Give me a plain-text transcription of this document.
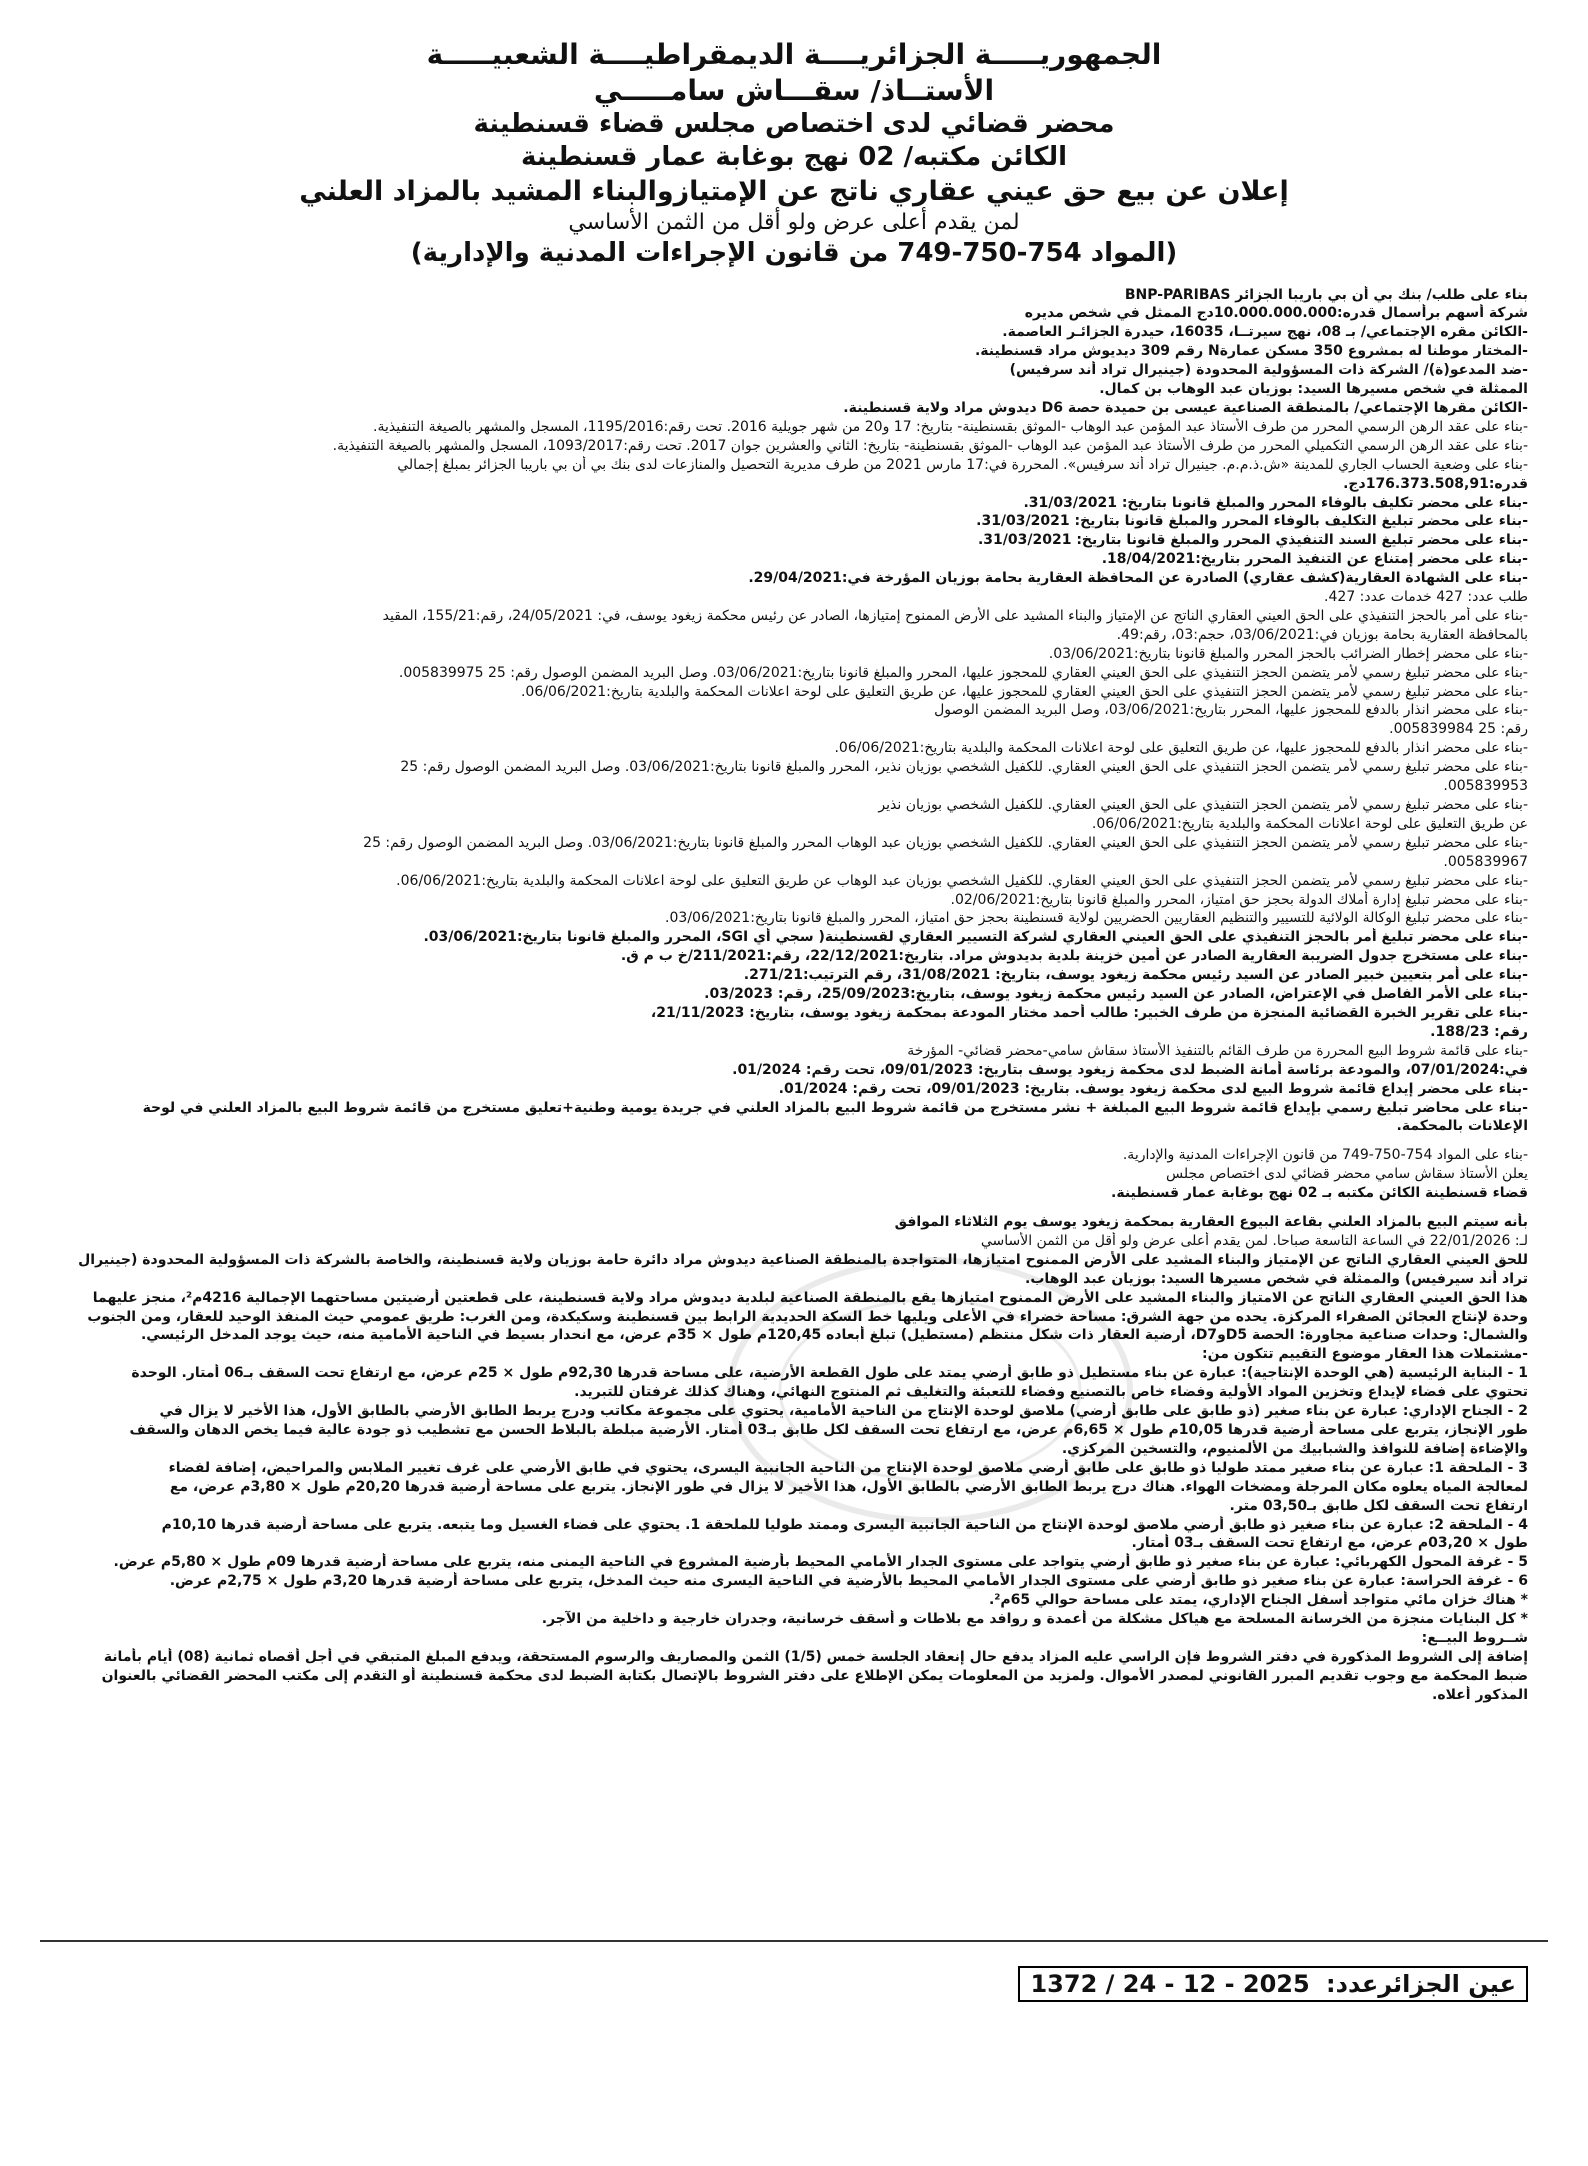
الجمهوريـــــة الجزائريــــة الديمقراطيــــة الشعبيـــــة
الأستــاذ/ سقـــاش سامـــــي
محضر قضائي لدى اختصاص مجلس قضاء قسنطينة
الكائن مكتبه/ 02 نهج بوغابة عمار قسنطينة
إعلان عن بيع حق عيني عقاري ناتج عن الإمتيازوالبناء المشيد بالمزاد العلني
لمن يقدم أعلى عرض ولو أقل من الثمن الأساسي
(المواد 754-750-749 من قانون الإجراءات المدنية والإدارية)
بناء على طلب/ بنك بي أن بي باريبا الجزائر BNP-PARIBAS
شركة أسهم برأسمال قدره:10.000.000.000دج الممثل في شخص مديره
-الكائن مقره الإجتماعي/ بـ 08، نهج سيرتــا، 16035، حيدرة الجزائـر العاصمة.
-المختار موطنا له بمشروع 350 مسكن عمارةN رقم 309 ديديوش مراد قسنطينة.
-ضد المدعو(ة)/ الشركة ذات المسؤولية المحدودة (جينيرال تراد أند سرفيس)
الممثلة في شخص مسيرها السيد: بوزيان عبد الوهاب بن كمال.
-الكائن مقرها الإجتماعي/ بالمنطقة الصناعية عيسى بن حميدة حصة D6 ديدوش مراد ولاية قسنطينة.
-بناء على عقد الرهن الرسمي المحرر من طرف الأستاذ عبد المؤمن عبد الوهاب -الموثق بقسنطينة- بتاريخ: 17 و20 من شهر جويلية 2016. تحت رقم:1195/2016، المسجل والمشهر بالصيغة التنفيذية.
-بناء على عقد الرهن الرسمي التكميلي المحرر من طرف الأستاذ عبد المؤمن عبد الوهاب -الموثق بقسنطينة- بتاريخ: الثاني والعشرين جوان 2017. تحت رقم:1093/2017، المسجل والمشهر بالصيغة التنفيذية.
-بناء على وضعية الحساب الجاري للمدينة «ش.ذ.م.م. جينيرال تراد أند سرفيس». المحررة في:17 مارس 2021 من طرف مديرية التحصيل والمنازعات لدى بنك بي أن بي باريبا الجزائر بمبلغ إجمالي
قدره:176.373.508,91دج.
-بناء على محضر تكليف بالوفاء المحرر والمبلغ قانونا بتاريخ: 31/03/2021.
-بناء على محضر تبليغ التكليف بالوفاء المحرر والمبلغ قانونا بتاريخ: 31/03/2021.
-بناء على محضر تبليغ السند التنفيذي المحرر والمبلغ قانونا بتاريخ: 31/03/2021.
-بناء على محضر إمتناع عن التنفيذ المحرر بتاريخ:18/04/2021.
-بناء على الشهادة العقارية(كشف عقاري) الصادرة عن المحافظة العقارية بحامة بوزيان المؤرخة في:29/04/2021.
طلب عدد: 427 خدمات عدد: 427.
-بناء على أمر بالحجز التنفيذي على الحق العيني العقاري الناتج عن الإمتياز والبناء المشيد على الأرض الممنوح إمتيازها، الصادر عن رئيس محكمة زيغود يوسف، في: 24/05/2021، رقم:155/21، المقيد
بالمحافظة العقارية بحامة بوزيان في:03/06/2021، حجم:03، رقم:49.
-بناء على محضر إخطار الضرائب بالحجز المحرر والمبلغ قانونا بتاريخ:03/06/2021.
-بناء على محضر تبليغ رسمي لأمر يتضمن الحجز التنفيذي على الحق العيني العقاري للمحجوز عليها، المحرر والمبلغ قانونا بتاريخ:03/06/2021. وصل البريد المضمن الوصول رقم: 25 005839975.
-بناء على محضر تبليغ رسمي لأمر يتضمن الحجز التنفيذي على الحق العيني العقاري للمحجوز عليها، عن طريق التعليق على لوحة اعلانات المحكمة والبلدية بتاريخ:06/06/2021.
-بناء على محضر انذار بالدفع للمحجوز عليها، المحرر بتاريخ:03/06/2021، وصل البريد المضمن الوصول
رقم: 25 005839984.
-بناء على محضر انذار بالدفع للمحجوز عليها، عن طريق التعليق على لوحة اعلانات المحكمة والبلدية بتاريخ:06/06/2021.
-بناء على محضر تبليغ رسمي لأمر يتضمن الحجز التنفيذي على الحق العيني العقاري. للكفيل الشخصي بوزيان نذير، المحرر والمبلغ قانونا بتاريخ:03/06/2021. وصل البريد المضمن الوصول رقم: 25
005839953.
-بناء على محضر تبليغ رسمي لأمر يتضمن الحجز التنفيذي على الحق العيني العقاري. للكفيل الشخصي بوزيان نذير
عن طريق التعليق على لوحة اعلانات المحكمة والبلدية بتاريخ:06/06/2021.
-بناء على محضر تبليغ رسمي لأمر يتضمن الحجز التنفيذي على الحق العيني العقاري. للكفيل الشخصي بوزيان عبد الوهاب المحرر والمبلغ قانونا بتاريخ:03/06/2021. وصل البريد المضمن الوصول رقم: 25
005839967.
-بناء على محضر تبليغ رسمي لأمر يتضمن الحجز التنفيذي على الحق العيني العقاري. للكفيل الشخصي بوزيان عبد الوهاب عن طريق التعليق على لوحة اعلانات المحكمة والبلدية بتاريخ:06/06/2021.
-بناء على محضر تبليغ إدارة أملاك الدولة بحجز حق امتياز، المحرر والمبلغ قانونا بتاريخ:02/06/2021.
-بناء على محضر تبليغ الوكالة الولائية للتسيير والتنظيم العقاريين الحضريين لولاية قسنطينة بحجز حق امتياز، المحرر والمبلغ قانونا بتاريخ:03/06/2021.
-بناء على محضر تبليغ أمر بالحجز التنفيذي على الحق العيني العقاري لشركة التسيير العقاري لقسنطينة( سجي أي SGI، المحرر والمبلغ قانونا بتاريخ:03/06/2021.
-بناء على مستخرج جدول الضريبة العقارية الصادر عن أمين خزينة بلدية بديدوش مراد. بتاريخ:22/12/2021، رقم:211/2021/خ ب م ق.
-بناء على أمر بتعيين خبير الصادر عن السيد رئيس محكمة زيغود يوسف، بتاريخ: 31/08/2021، رقم الترتيب:271/21.
-بناء على الأمر الفاصل في الإعتراض، الصادر عن السيد رئيس محكمة زيغود يوسف، بتاريخ:25/09/2023، رقم: 03/2023.
-بناء على تقرير الخبرة القضائية المنجزة من طرف الخبير: طالب أحمد مختار المودعة بمحكمة زيغود يوسف، بتاريخ: 21/11/2023،
رقم: 188/23.
-بناء على قائمة شروط البيع المحررة من طرف القائم بالتنفيذ الأستاذ سقاش سامي-محضر قضائي- المؤرخة
في:07/01/2024، والمودعة برئاسة أمانة الضبط لدى محكمة زيغود يوسف بتاريخ: 09/01/2023، تحت رقم: 01/2024.
-بناء على محضر إيداع قائمة شروط البيع لدى محكمة زيغود يوسف. بتاريخ: 09/01/2023، تحت رقم: 01/2024.
-بناء على محاضر تبليغ رسمي بإيداع قائمة شروط البيع المبلغة + نشر مستخرج من قائمة شروط البيع بالمزاد العلني في جريدة يومية وطنية+تعليق مستخرج من قائمة شروط البيع بالمزاد العلني في لوحة
الإعلانات بالمحكمة.

-بناء على المواد 754-750-749 من قانون الإجراءات المدنية والإدارية.
يعلن الأستاذ سقاش سامي محضر قضائي لدى اختصاص مجلس
قضاء قسنطينة الكائن مكتبه بـ 02 نهج بوغابة عمار قسنطينة.

بأنه سيتم البيع بالمزاد العلني بقاعة البيوع العقارية بمحكمة زيغود يوسف يوم الثلاثاء الموافق
لـ: 22/01/2026 في الساعة التاسعة صباحا. لمن يقدم أعلى عرض ولو أقل من الثمن الأساسي
للحق العيني العقاري الناتج عن الإمتياز والبناء المشيد على الأرض الممنوح امتيازها، المتواجدة بالمنطقة الصناعية ديدوش مراد دائرة حامة بوزيان ولاية قسنطينة، والخاصة بالشركة ذات المسؤولية المحدودة (جينيرال
تراد أند سيرفيس) والممثلة في شخص مسيرها السيد: بوزيان عبد الوهاب.
هذا الحق العيني العقاري الناتج عن الامتياز والبناء المشيد على الأرض الممنوح امتيازها يقع بالمنطقة الصناعية لبلدية ديدوش مراد ولاية قسنطينة، على قطعتين أرضيتين مساحتهما الإجمالية 4216م²، منجز عليهما
وحدة لإنتاج العجائن الصفراء المركزة. يحده من جهة الشرق: مساحة خضراء في الأعلى ويليها خط السكة الحديدية الرابط بين قسنطينة وسكيكدة، ومن الغرب: طريق عمومي حيث المنفذ الوحيد للعقار، ومن الجنوب
والشمال: وحدات صناعية مجاورة: الحصة D5وD7، أرضية العقار ذات شكل منتظم (مستطيل) تبلغ أبعاده 120,45م طول × 35م عرض، مع انحدار بسيط في الناحية الأمامية منه، حيث يوجد المدخل الرئيسي.
-مشتملات هذا العقار موضوع التقييم تتكون من:
1 - البناية الرئيسية (هي الوحدة الإنتاجية): عبارة عن بناء مستطيل ذو طابق أرضي يمتد على طول القطعة الأرضية، على مساحة قدرها 92,30م طول × 25م عرض، مع ارتفاع تحت السقف بـ06 أمتار. الوحدة
تحتوي على فضاء لإيداع وتخزين المواد الأولية وفضاء خاص بالتصنيع وفضاء للتعبئة والتغليف ثم المنتوج النهائي، وهناك كذلك غرفتان للتبريد.
2 - الجناح الإداري: عبارة عن بناء صغير (ذو طابق على طابق أرضي) ملاصق لوحدة الإنتاج من الناحية الأمامية، يحتوي على مجموعة مكاتب ودرج يربط الطابق الأرضي بالطابق الأول، هذا الأخير لا يزال في
طور الإنجاز، يتربع على مساحة أرضية قدرها 10,05م طول × 6,65م عرض، مع ارتفاع تحت السقف لكل طابق بـ03 أمتار. الأرضية مبلطة بالبلاط الحسن مع تشطيب ذو جودة عالية فيما يخص الدهان والسقف
والإضاءة إضافة للنوافذ والشبابيك من الألمنيوم، والتسخين المركزي.
3 - الملحقة 1: عبارة عن بناء صغير ممتد طوليا ذو طابق على طابق أرضي ملاصق لوحدة الإنتاج من الناحية الجانبية اليسرى، يحتوي في طابق الأرضي على غرف تغيير الملابس والمراحيض، إضافة لفضاء
لمعالجة المياه يعلوه مكان المرجلة ومضخات الهواء. هناك درج يربط الطابق الأرضي بالطابق الأول، هذا الأخير لا يزال في طور الإنجاز. يتربع على مساحة أرضية قدرها 20,20م طول × 3,80م عرض، مع
ارتفاع تحت السقف لكل طابق بـ03,50 متر.
4 - الملحقة 2: عبارة عن بناء صغير ذو طابق أرضي ملاصق لوحدة الإنتاج من الناحية الجانبية اليسرى وممتد طوليا للملحقة 1. يحتوي على فضاء الغسيل وما يتبعه. يتربع على مساحة أرضية قدرها 10,10م
طول × 03,20م عرض، مع ارتفاع تحت السقف بـ03 أمتار.
5 - غرفة المحول الكهربائي: عبارة عن بناء صغير ذو طابق أرضي يتواجد على مستوى الجدار الأمامي المحيط بأرضية المشروع في الناحية اليمنى منه، يتربع على مساحة أرضية قدرها 09م طول × 5,80م عرض.
6 - غرفة الحراسة: عبارة عن بناء صغير ذو طابق أرضي على مستوى الجدار الأمامي المحيط بالأرضية في الناحية اليسرى منه حيث المدخل، يتربع على مساحة أرضية قدرها 3,20م طول × 2,75م عرض.
* هناك خزان مائي متواجد أسفل الجناح الإداري، يمتد على مساحة حوالي 65م².
* كل البنايات منجزة من الخرسانة المسلحة مع هياكل مشكلة من أعمدة و روافد مع بلاطات و أسقف خرسانية، وجدران خارجية و داخلية من الآجر.
شــروط البيــع:
إضافة إلى الشروط المذكورة في دفتر الشروط فإن الراسي عليه المزاد يدفع حال إنعقاد الجلسة خمس (1/5) الثمن والمصاريف والرسوم المستحقة، ويدفع المبلغ المتبقي في أجل أقصاه ثمانية (08) أيام بأمانة
ضبط المحكمة مع وجوب تقديم المبرر القانوني لمصدر الأموال. ولمزيد من المعلومات يمكن الإطلاع على دفتر الشروط بالإتصال بكتابة الضبط لدى محكمة قسنطينة أو التقدم إلى مكتب المحضر القضائي بالعنوان
المذكور أعلاه.
عين الجزائرعدد: 1372 / 24 - 12 - 2025
